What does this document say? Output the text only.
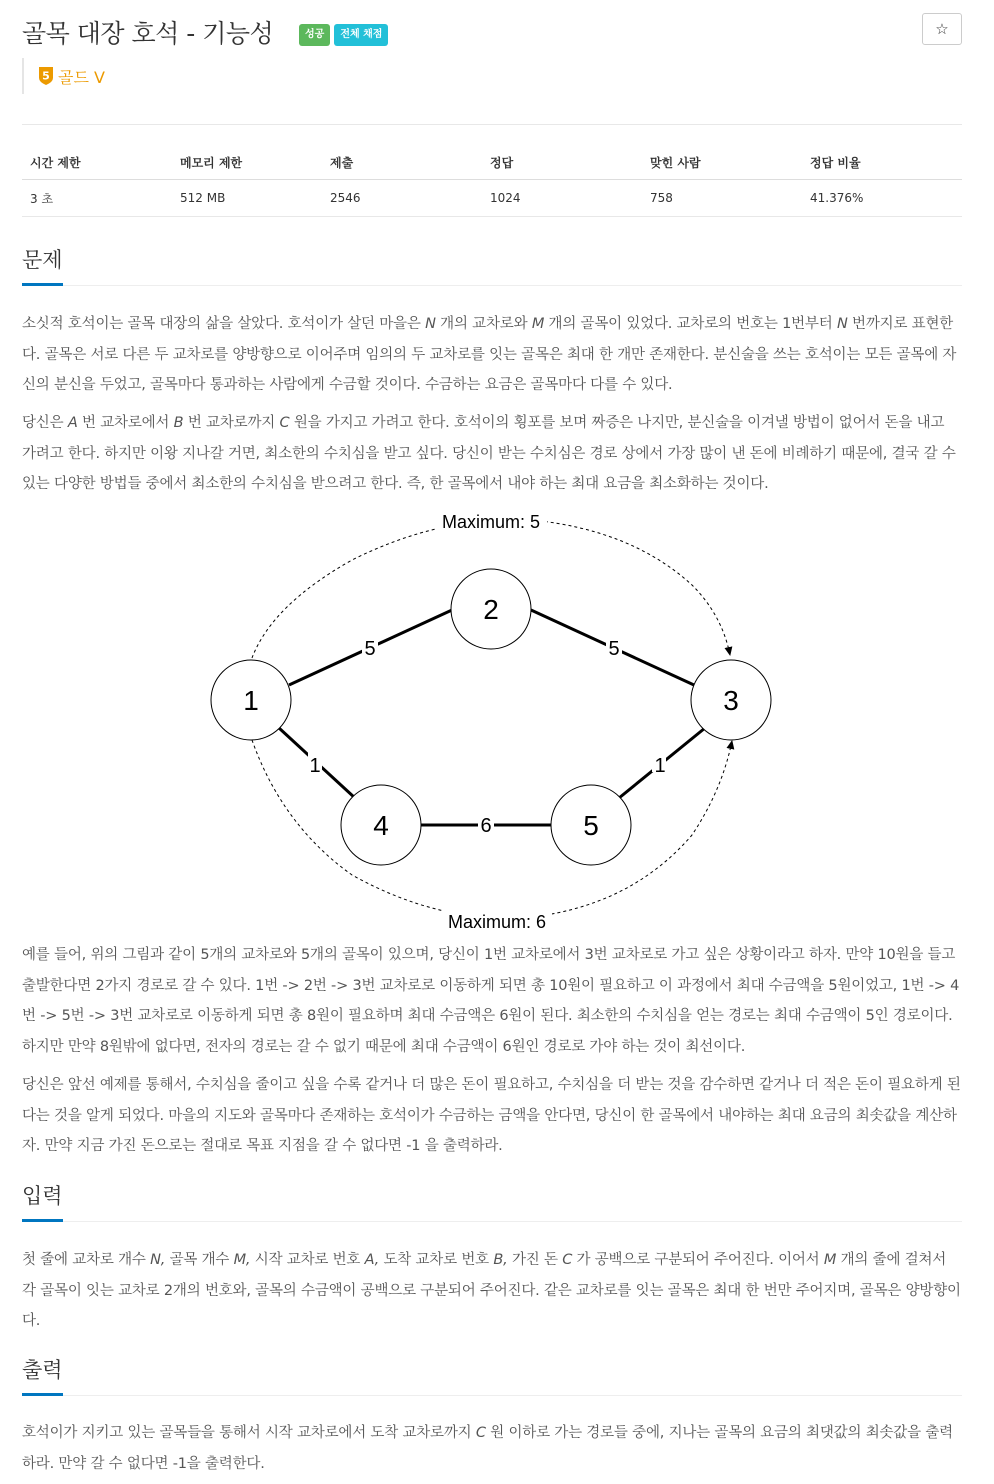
골목 대장 호석 - 기능성	성공	전체 채점	☆
5 골드 V
시간 제한	메모리 제한	제출	정답	맞힌 사람	정답 비율
3 초	512 MB	2546	1024	758	41.376%
문제

소싯적 호석이는 골목 대장의 삶을 살았다. 호석이가 살던 마을은 N 개의 교차로와 M 개의 골목이 있었다. 교차로의 번호는 1번부터 N 번까지로 표현한다. 골목은 서로 다른 두 교차로를 양방향으로 이어주며 임의의 두 교차로를 잇는 골목은 최대 한 개만 존재한다. 분신술을 쓰는 호석이는 모든 골목에 자신의 분신을 두었고, 골목마다 통과하는 사람에게 수금할 것이다. 수금하는 요금은 골목마다 다를 수 있다.

당신은 A 번 교차로에서 B 번 교차로까지 C 원을 가지고 가려고 한다. 호석이의 횡포를 보며 짜증은 나지만, 분신술을 이겨낼 방법이 없어서 돈을 내고 가려고 한다. 하지만 이왕 지나갈 거면, 최소한의 수치심을 받고 싶다. 당신이 받는 수치심은 경로 상에서 가장 많이 낸 돈에 비례하기 때문에, 결국 갈 수 있는 다양한 방법들 중에서 최소한의 수치심을 받으려고 한다. 즉, 한 골목에서 내야 하는 최대 요금을 최소화하는 것이다.

5	5
1
6
1
1
2
3
4	5
Maximum: 5
Maximum: 6

예를 들어, 위의 그림과 같이 5개의 교차로와 5개의 골목이 있으며, 당신이 1번 교차로에서 3번 교차로로 가고 싶은 상황이라고 하자. 만약 10원을 들고 출발한다면 2가지 경로로 갈 수 있다. 1번 -> 2번 -> 3번 교차로로 이동하게 되면 총 10원이 필요하고 이 과정에서 최대 수금액을 5원이었고, 1번 -> 4번 -> 5번 -> 3번 교차로로 이동하게 되면 총 8원이 필요하며 최대 수금액은 6원이 된다. 최소한의 수치심을 얻는 경로는 최대 수금액이 5인 경로이다. 하지만 만약 8원밖에 없다면, 전자의 경로는 갈 수 없기 때문에 최대 수금액이 6원인 경로로 가야 하는 것이 최선이다.

당신은 앞선 예제를 통해서, 수치심을 줄이고 싶을 수록 같거나 더 많은 돈이 필요하고, 수치심을 더 받는 것을 감수하면 같거나 더 적은 돈이 필요하게 된다는 것을 알게 되었다. 마을의 지도와 골목마다 존재하는 호석이가 수금하는 금액을 안다면, 당신이 한 골목에서 내야하는 최대 요금의 최솟값을 계산하자. 만약 지금 가진 돈으로는 절대로 목표 지점을 갈 수 없다면 -1 을 출력하라.

입력

첫 줄에 교차로 개수 N, 골목 개수 M, 시작 교차로 번호 A, 도착 교차로 번호 B, 가진 돈 C 가 공백으로 구분되어 주어진다. 이어서 M 개의 줄에 걸쳐서 각 골목이 잇는 교차로 2개의 번호와, 골목의 수금액이 공백으로 구분되어 주어진다. 같은 교차로를 잇는 골목은 최대 한 번만 주어지며, 골목은 양방향이다.

출력

호석이가 지키고 있는 골목들을 통해서 시작 교차로에서 도착 교차로까지 C 원 이하로 가는 경로들 중에, 지나는 골목의 요금의 최댓값의 최솟값을 출력하라. 만약 갈 수 없다면 -1을 출력한다.
